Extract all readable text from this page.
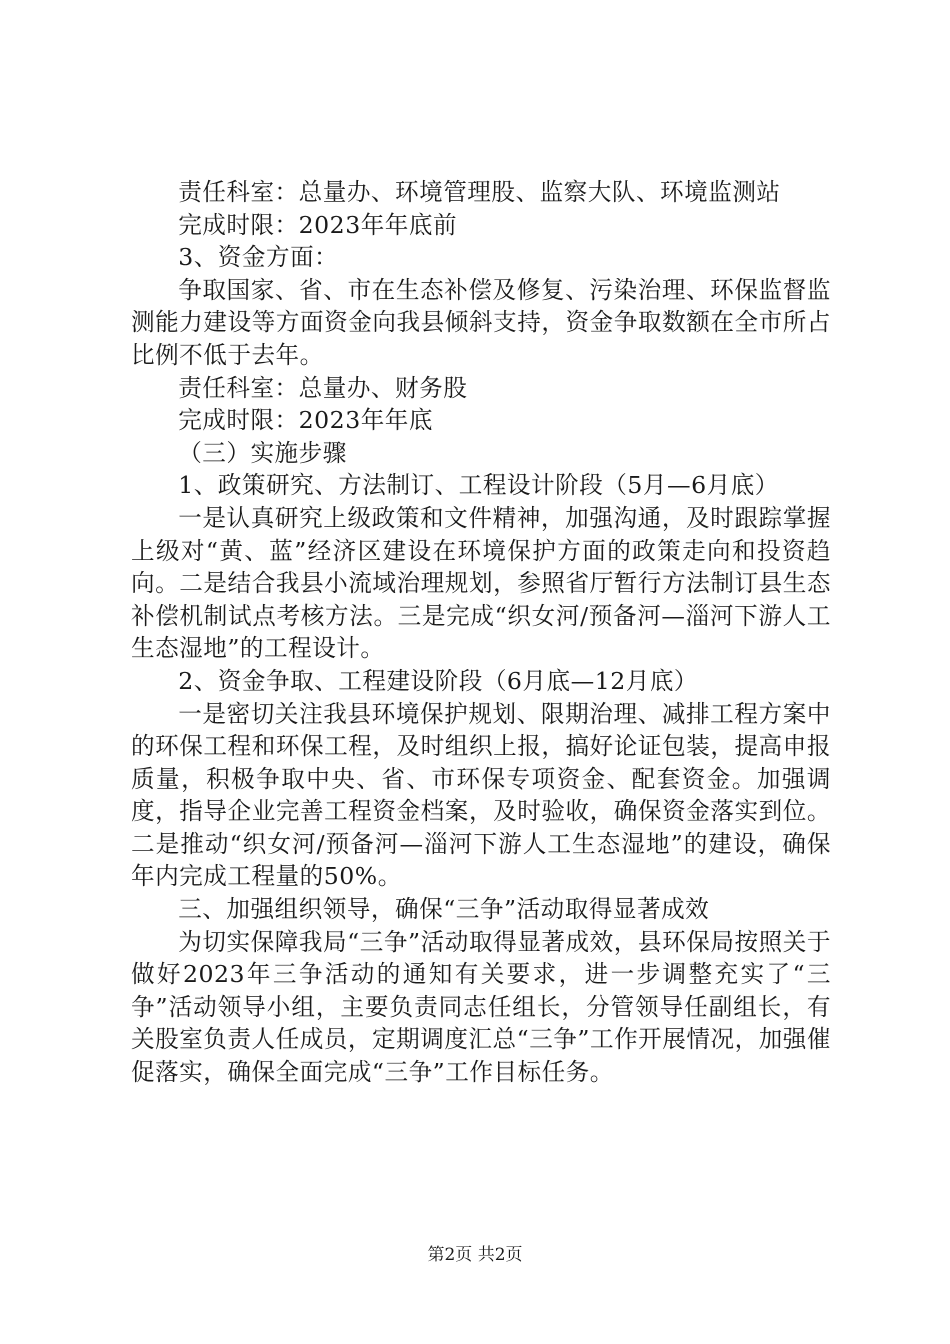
责任科室：总量办、环境管理股、监察大队、环境监测站

完成时限：2023年年底前

3、资金方面：

争取国家、省、市在生态补偿及修复、污染治理、环保监督监测能力建设等方面资金向我县倾斜支持，资金争取数额在全市所占比例不低于去年。

责任科室：总量办、财务股

完成时限：2023年年底

（三）实施步骤

1、政策研究、方法制订、工程设计阶段（5月—6月底）

一是认真研究上级政策和文件精神，加强沟通，及时跟踪掌握上级对“黄、蓝”经济区建设在环境保护方面的政策走向和投资趋向。二是结合我县小流域治理规划，参照省厅暂行方法制订县生态补偿机制试点考核方法。三是完成“织女河/预备河—淄河下游人工生态湿地”的工程设计。

2、资金争取、工程建设阶段（6月底—12月底）

一是密切关注我县环境保护规划、限期治理、减排工程方案中的环保工程和环保工程，及时组织上报，搞好论证包装，提高申报质量，积极争取中央、省、市环保专项资金、配套资金。加强调度，指导企业完善工程资金档案，及时验收，确保资金落实到位。二是推动“织女河/预备河—淄河下游人工生态湿地”的建设，确保年内完成工程量的50%。

三、加强组织领导，确保“三争”活动取得显著成效

为切实保障我局“三争”活动取得显著成效，县环保局按照关于做好2023年三争活动的通知有关要求，进一步调整充实了“三争”活动领导小组，主要负责同志任组长，分管领导任副组长，有关股室负责人任成员，定期调度汇总“三争”工作开展情况，加强催促落实，确保全面完成“三争”工作目标任务。

第2页 共2页
